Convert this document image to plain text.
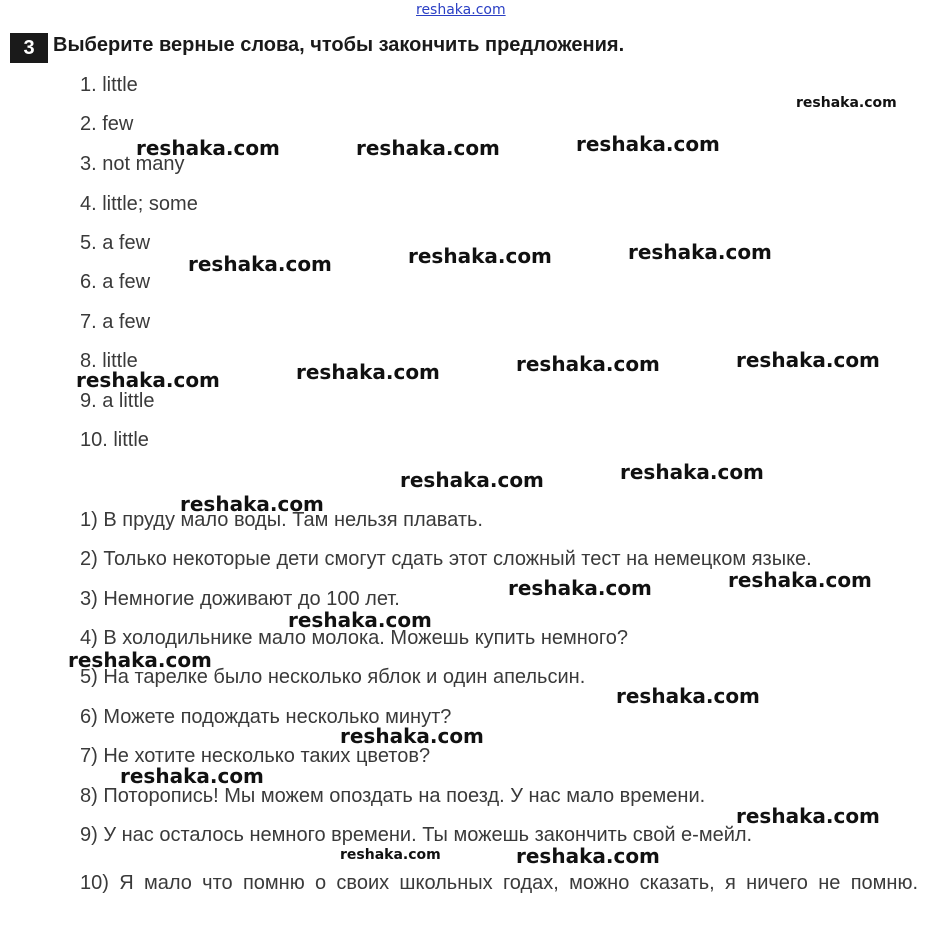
reshaka.com
3 Выберите верные слова, чтобы закончить предложения.
1. little
2. few
3. not many
4. little; some
5. a few
6. a few
7. a few
8. little
9. a little
10. little
1) В пруду мало воды. Там нельзя плавать.
2) Только некоторые дети смогут сдать этот сложный тест на немецком языке.
3) Немногие доживают до 100 лет.
4) В холодильнике мало молока. Можешь купить немного?
5) На тарелке было несколько яблок и один апельсин.
6) Можете подождать несколько минут?
7) Не хотите несколько таких цветов?
8) Поторопись! Мы можем опоздать на поезд. У нас мало времени.
9) У нас осталось немного времени. Ты можешь закончить свой е-мейл.
10) Я мало что помню о своих школьных годах, можно сказать, я ничего не помню.
reshaka.com
reshaka.com	reshaka.com	reshaka.com
reshaka.com	reshaka.com	reshaka.com
reshaka.com	reshaka.com	reshaka.com	reshaka.com
reshaka.com	reshaka.com
reshaka.com
reshaka.com	reshaka.com
reshaka.com
reshaka.com
reshaka.com
reshaka.com
reshaka.com
reshaka.com
reshaka.com	reshaka.com
